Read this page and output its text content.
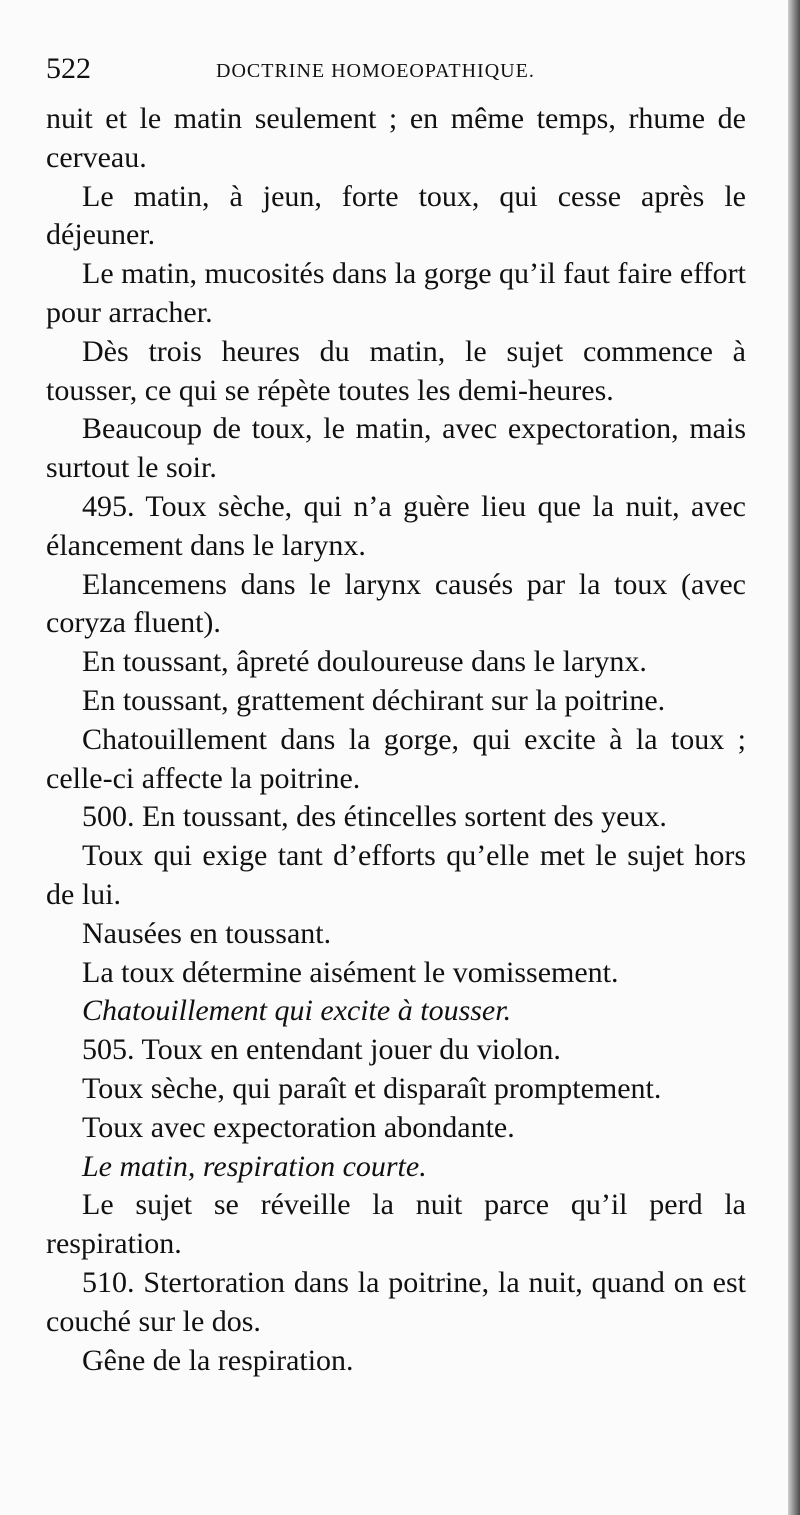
522	DOCTRINE HOMOEOPATHIQUE.

nuit et le matin seulement ; en même temps, rhume de cerveau.

Le matin, à jeun, forte toux, qui cesse après le déjeuner.

Le matin, mucosités dans la gorge qu’il faut faire effort pour arracher.

Dès trois heures du matin, le sujet commence à tousser, ce qui se répète toutes les demi-heures.

Beaucoup de toux, le matin, avec expectoration, mais surtout le soir.

495. Toux sèche, qui n’a guère lieu que la nuit, avec élancement dans le larynx.

Elancemens dans le larynx causés par la toux (avec coryza fluent).

En toussant, âpreté douloureuse dans le larynx.

En toussant, grattement déchirant sur la poitrine.

Chatouillement dans la gorge, qui excite à la toux ; celle-ci affecte la poitrine.

500. En toussant, des étincelles sortent des yeux.

Toux qui exige tant d’efforts qu’elle met le sujet hors de lui.

Nausées en toussant.

La toux détermine aisément le vomissement.

Chatouillement qui excite à tousser.

505. Toux en entendant jouer du violon.

Toux sèche, qui paraît et disparaît promptement.

Toux avec expectoration abondante.

Le matin, respiration courte.

Le sujet se réveille la nuit parce qu’il perd la respiration.

510. Stertoration dans la poitrine, la nuit, quand on est couché sur le dos.

Gêne de la respiration.
